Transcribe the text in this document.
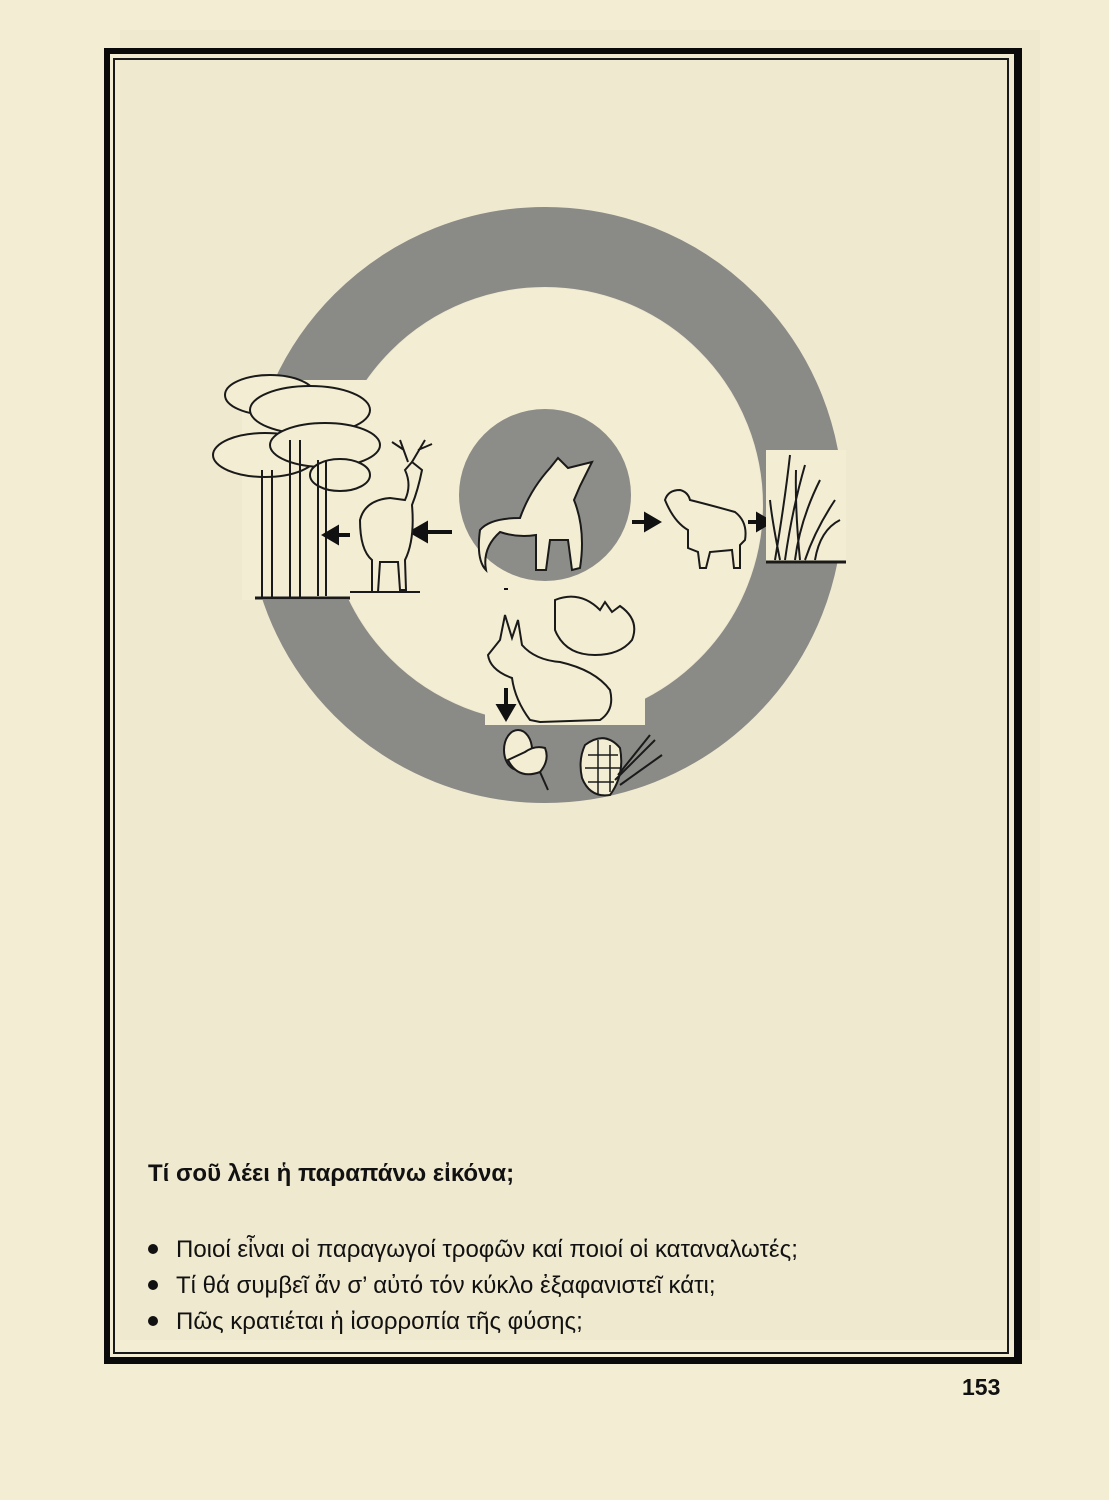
Τί σοῦ λέει ἡ παραπάνω εἰκόνα;

Ποιοί εἶναι οἱ παραγωγοί τροφῶν καί ποιοί οἱ καταναλωτές;
Τί θά συμβεῖ ἄν σ’ αὐτό τόν κύκλο ἐξαφανιστεῖ κάτι;
Πῶς κρατιέται ἡ ἰσορροπία τῆς φύσης;

153
